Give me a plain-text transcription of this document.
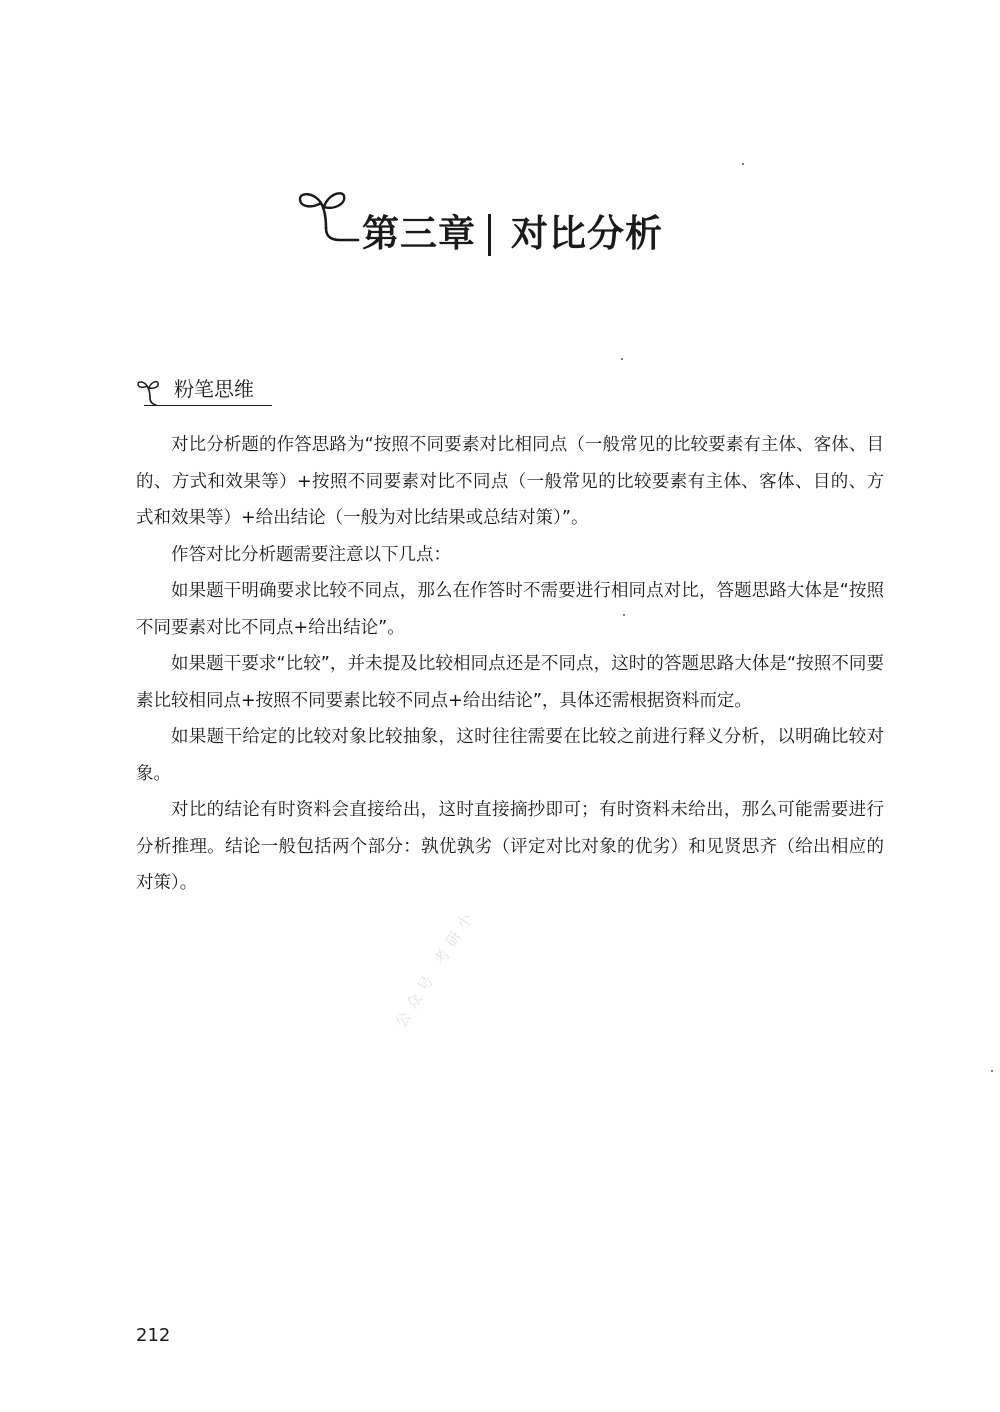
第三章 对比分析
粉笔思维

对比分析题的作答思路为“按照不同要素对比相同点（一般常见的比较要素有主体、客体、目的、方式和效果等）+按照不同要素对比不同点（一般常见的比较要素有主体、客体、目的、方式和效果等）+给出结论（一般为对比结果或总结对策）”。

作答对比分析题需要注意以下几点：

如果题干明确要求比较不同点，那么在作答时不需要进行相同点对比，答题思路大体是“按照不同要素对比不同点+给出结论”。

如果题干要求“比较”，并未提及比较相同点还是不同点，这时的答题思路大体是“按照不同要素比较相同点+按照不同要素比较不同点+给出结论”，具体还需根据资料而定。

如果题干给定的比较对象比较抽象，这时往往需要在比较之前进行释义分析，以明确比较对象。

对比的结论有时资料会直接给出，这时直接摘抄即可；有时资料未给出，那么可能需要进行分析推理。结论一般包括两个部分：孰优孰劣（评定对比对象的优劣）和见贤思齐（给出相应的对策）。

公众号 考研小
212
